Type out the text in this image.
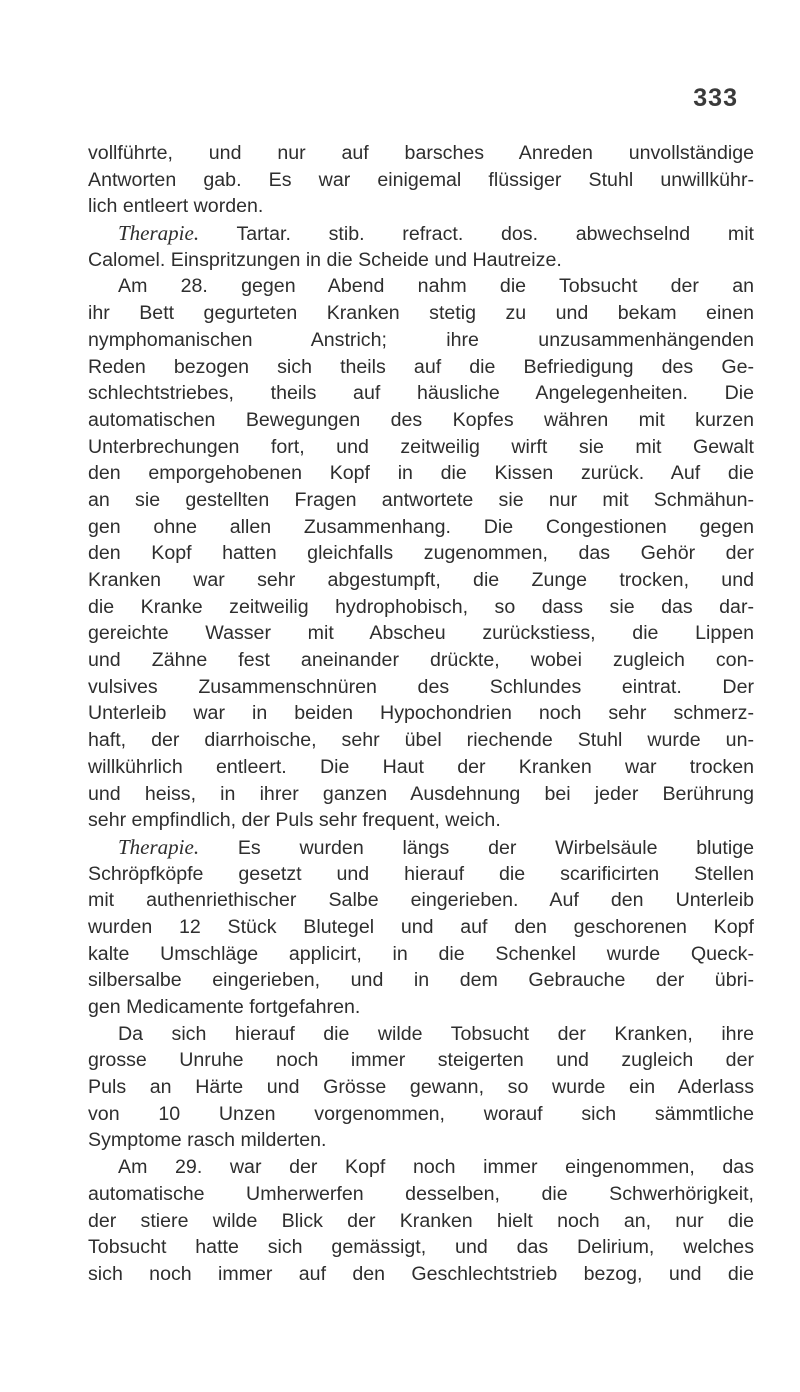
333
vollführte, und nur auf barsches Anreden unvollständige
Antworten gab. Es war einigemal flüssiger Stuhl unwillkühr-
lich entleert worden.
Therapie. Tartar. stib. refract. dos. abwechselnd mit
Calomel. Einspritzungen in die Scheide und Hautreize.
Am 28. gegen Abend nahm die Tobsucht der an
ihr Bett gegurteten Kranken stetig zu und bekam einen
nymphomanischen Anstrich; ihre unzusammenhängenden
Reden bezogen sich theils auf die Befriedigung des Ge-
schlechtstriebes, theils auf häusliche Angelegenheiten. Die
automatischen Bewegungen des Kopfes währen mit kurzen
Unterbrechungen fort, und zeitweilig wirft sie mit Gewalt
den emporgehobenen Kopf in die Kissen zurück. Auf die
an sie gestellten Fragen antwortete sie nur mit Schmähun-
gen ohne allen Zusammenhang. Die Congestionen gegen
den Kopf hatten gleichfalls zugenommen, das Gehör der
Kranken war sehr abgestumpft, die Zunge trocken, und
die Kranke zeitweilig hydrophobisch, so dass sie das dar-
gereichte Wasser mit Abscheu zurückstiess, die Lippen
und Zähne fest aneinander drückte, wobei zugleich con-
vulsives Zusammenschnüren des Schlundes eintrat. Der
Unterleib war in beiden Hypochondrien noch sehr schmerz-
haft, der diarrhoische, sehr übel riechende Stuhl wurde un-
willkührlich entleert. Die Haut der Kranken war trocken
und heiss, in ihrer ganzen Ausdehnung bei jeder Berührung
sehr empfindlich, der Puls sehr frequent, weich.
Therapie. Es wurden längs der Wirbelsäule blutige
Schröpfköpfe gesetzt und hierauf die scarificirten Stellen
mit authenriethischer Salbe eingerieben. Auf den Unterleib
wurden 12 Stück Blutegel und auf den geschorenen Kopf
kalte Umschläge applicirt, in die Schenkel wurde Queck-
silbersalbe eingerieben, und in dem Gebrauche der übri-
gen Medicamente fortgefahren.
Da sich hierauf die wilde Tobsucht der Kranken, ihre
grosse Unruhe noch immer steigerten und zugleich der
Puls an Härte und Grösse gewann, so wurde ein Aderlass
von 10 Unzen vorgenommen, worauf sich sämmtliche
Symptome rasch milderten.
Am 29. war der Kopf noch immer eingenommen, das
automatische Umherwerfen desselben, die Schwerhörigkeit,
der stiere wilde Blick der Kranken hielt noch an, nur die
Tobsucht hatte sich gemässigt, und das Delirium, welches
sich noch immer auf den Geschlechtstrieb bezog, und die
